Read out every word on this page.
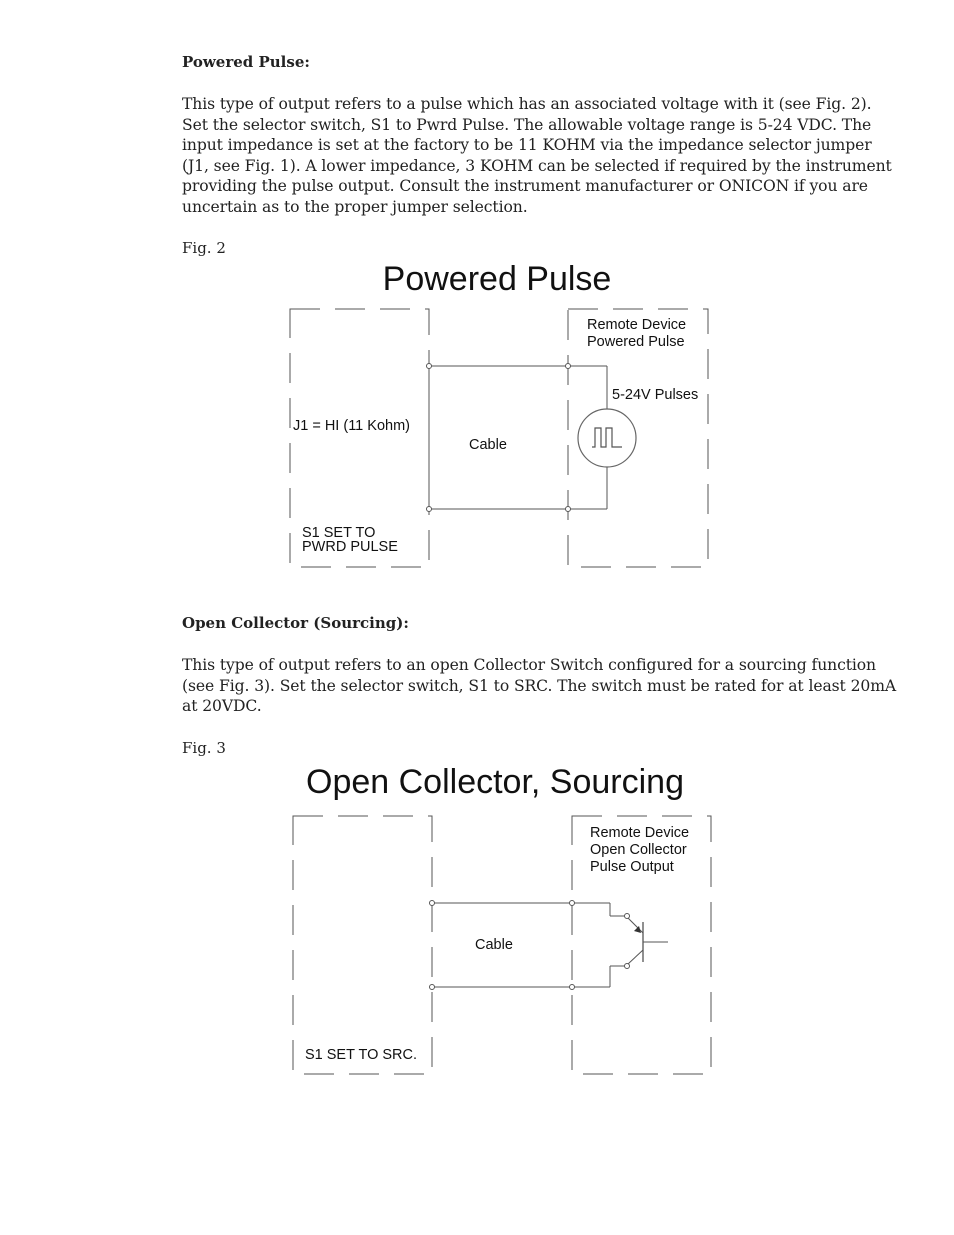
Powered Pulse:
This type of output refers to a pulse which has an associated voltage with it (see Fig. 2).
Set the selector switch, S1 to Pwrd Pulse. The allowable voltage range is 5-24 VDC. The
input impedance is set at the factory to be 11 KOHM via the impedance selector jumper
(J1, see Fig. 1). A lower impedance, 3 KOHM can be selected if required by the instrument
providing the pulse output. Consult the instrument manufacturer or ONICON if you are
uncertain as to the proper jumper selection.
Fig. 2
Open Collector (Sourcing):
This type of output refers to an open Collector Switch configured for a sourcing function
(see Fig. 3). Set the selector switch, S1 to SRC. The switch must be rated for at least 20mA
at 20VDC.
Fig. 3
Powered Pulse
Remote Device
Powered Pulse
5-24V Pulses
J1 = HI (11 Kohm)
Cable
S1 SET TO
PWRD PULSE
Open Collector, Sourcing
Remote Device
Open Collector
Pulse Output
Cable
S1 SET TO SRC.
